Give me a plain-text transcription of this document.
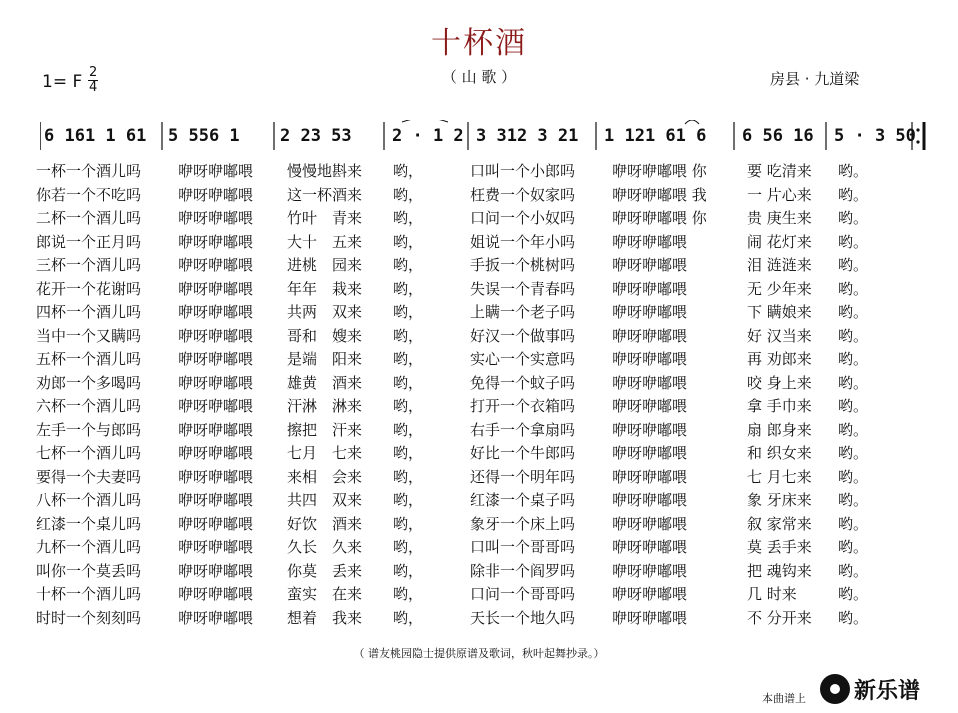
十杯酒
（ 山 歌 ）	房县 · 九道梁
1= F $\frac{2}{4}$
6 161 1 61 5 556 1 2 23 53 2 · 1 2 3 312 3 21 1 121 61 6 6 56 16 5 · 3 50
一杯一个酒儿吗 咿呀咿嘟喂 慢慢地斟来 哟，	口叫一个小郎吗 咿呀咿嘟喂 你	要 吃清来 哟。
你若一个不吃吗 咿呀咿嘟喂 这一杯酒来 哟，	枉费一个奴家吗 咿呀咿嘟喂 我	一 片心来 哟。
二杯一个酒儿吗 咿呀咿嘟喂 竹叶　青来 哟，	口问一个小奴吗 咿呀咿嘟喂 你	贵 庚生来 哟。
郎说一个正月吗 咿呀咿嘟喂 大十　五来 哟，	姐说一个年小吗 咿呀咿嘟喂	闹 花灯来 哟。
三杯一个酒儿吗 咿呀咿嘟喂 进桃　园来 哟，	手扳一个桃树吗 咿呀咿嘟喂	泪 涟涟来 哟。
花开一个花谢吗 咿呀咿嘟喂 年年　栽来 哟，	失误一个青春吗 咿呀咿嘟喂	无 少年来 哟。
四杯一个酒儿吗 咿呀咿嘟喂 共两　双来 哟，	上瞒一个老子吗 咿呀咿嘟喂	下 瞒娘来 哟。
当中一个又瞒吗 咿呀咿嘟喂 哥和　嫂来 哟，	好汉一个做事吗 咿呀咿嘟喂	好 汉当来 哟。
五杯一个酒儿吗 咿呀咿嘟喂 是端　阳来 哟，	实心一个实意吗 咿呀咿嘟喂	再 劝郎来 哟。
劝郎一个多喝吗 咿呀咿嘟喂 雄黄　酒来 哟，	免得一个蚊子吗 咿呀咿嘟喂	咬 身上来 哟。
六杯一个酒儿吗 咿呀咿嘟喂 汗淋　淋来 哟，	打开一个衣箱吗 咿呀咿嘟喂	拿 手巾来 哟。
左手一个与郎吗 咿呀咿嘟喂 擦把　汗来 哟，	右手一个拿扇吗 咿呀咿嘟喂	扇 郎身来 哟。
七杯一个酒儿吗 咿呀咿嘟喂 七月　七来 哟，	好比一个牛郎吗 咿呀咿嘟喂	和 织女来 哟。
要得一个夫妻吗 咿呀咿嘟喂 来相　会来 哟，	还得一个明年吗 咿呀咿嘟喂	七 月七来 哟。
八杯一个酒儿吗 咿呀咿嘟喂 共四　双来 哟，	红漆一个桌子吗 咿呀咿嘟喂	象 牙床来 哟。
红漆一个桌儿吗 咿呀咿嘟喂 好饮　酒来 哟，	象牙一个床上吗 咿呀咿嘟喂	叙 家常来 哟。
九杯一个酒儿吗 咿呀咿嘟喂 久长　久来 哟，	口叫一个哥哥吗 咿呀咿嘟喂	莫 丢手来 哟。
叫你一个莫丢吗 咿呀咿嘟喂 你莫　丢来 哟，	除非一个阎罗吗 咿呀咿嘟喂	把 魂钩来 哟。
十杯一个酒儿吗 咿呀咿嘟喂 蛮实　在来 哟，	口问一个哥哥吗 咿呀咿嘟喂	几 时来	哟。
时时一个刻刻吗 咿呀咿嘟喂 想着　我来 哟，	天长一个地久吗 咿呀咿嘟喂	不 分开来 哟。
（ 谱友桃园隐士提供原谱及歌词，秋叶起舞抄录。）
本曲谱上 新乐谱
